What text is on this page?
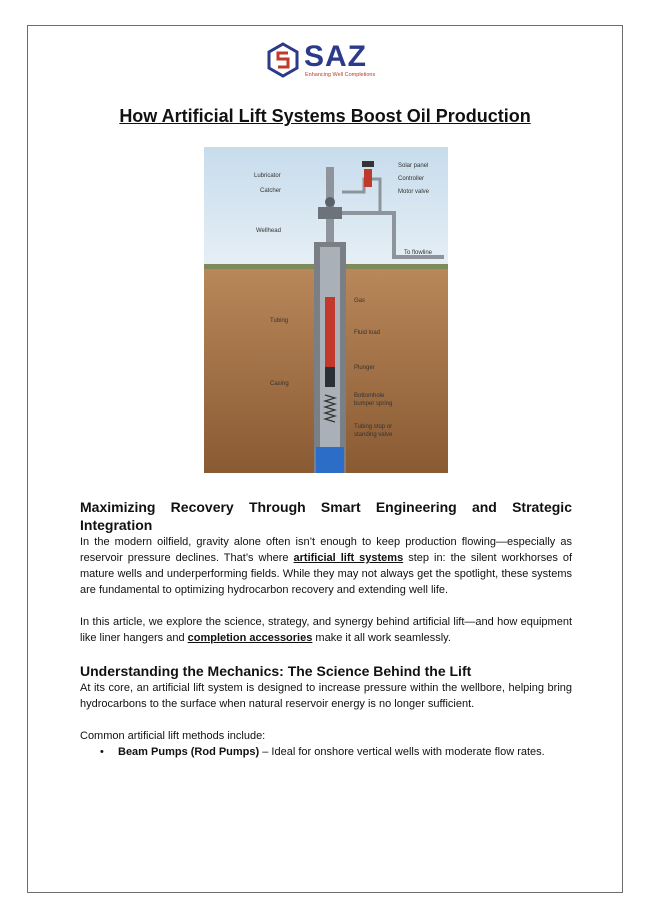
SAZ
Enhancing Well Completions
How Artificial Lift Systems Boost Oil Production
Lubricator
Catcher
Wellhead
Tubing
Casing
Solar panel
Controller
Motor valve
To flowline
Gas
Fluid load
Plunger
Bottomhole
bumper spring
Tubing stop or
standing valve
Maximizing Recovery Through Smart Engineering and Strategic Integration

In the modern oilfield, gravity alone often isn’t enough to keep production flowing—especially as reservoir pressure declines. That’s where artificial lift systems step in: the silent workhorses of mature wells and underperforming fields. While they may not always get the spotlight, these systems are fundamental to optimizing hydrocarbon recovery and extending well life.

In this article, we explore the science, strategy, and synergy behind artificial lift—and how equipment like liner hangers and completion accessories make it all work seamlessly.

Understanding the Mechanics: The Science Behind the Lift

At its core, an artificial lift system is designed to increase pressure within the wellbore, helping bring hydrocarbons to the surface when natural reservoir energy is no longer sufficient.

Common artificial lift methods include:

• Beam Pumps (Rod Pumps) – Ideal for onshore vertical wells with moderate flow rates.
